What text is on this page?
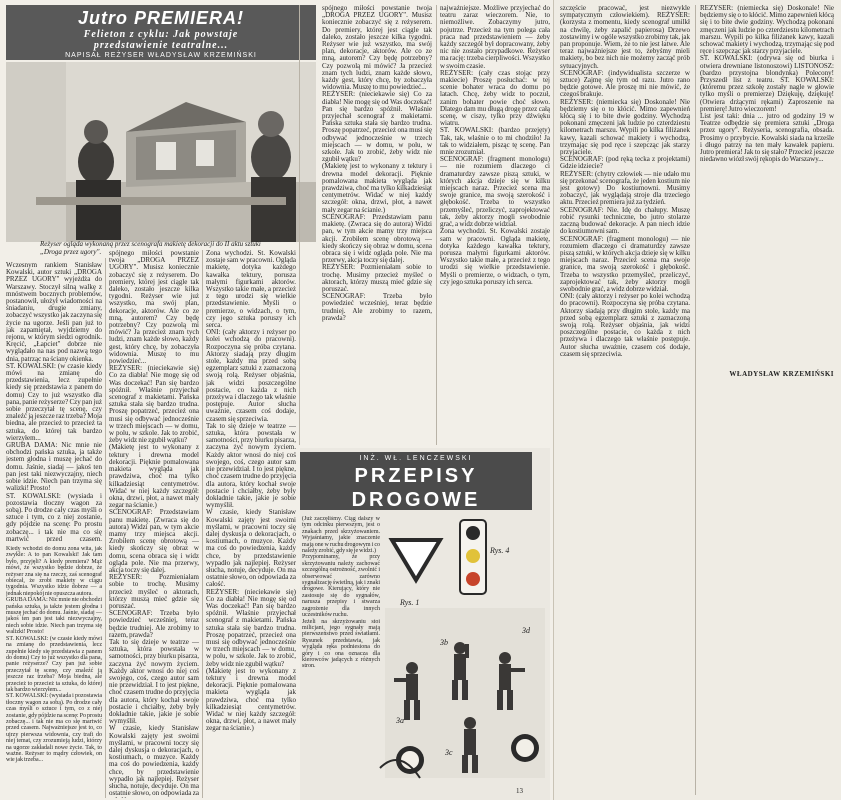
Jutro PREMIERA!
Felieton z cyklu: Jak powstaje
przedstawienie teatralne...
NAPISAŁ REŻYSER WŁADYSŁAW KRZEMIŃSKI
Reżyser ogląda wykonaną przez scenografa makietę dekoracji do II aktu sztuki „Droga przez ugory".

Wczesnym rankiem Stanisław Kowalski, autor sztuki „DROGA PRZEZ UGORY" wyjeżdża do Warszawy. Stoczył silną walkę z mnóstwem bocznych problemów, postanowił, ułożył wiadomości na śniadaniu, drugie zmiany, zobaczyć wszystko jak zaczyna się życie na ugorze. Jeśli pan już to jak zapamiętał, wyjdziemy do rejonu, w którym siedzi ogrodnik. Kręcić, „Łapciet" dobrze nie wyglądało na nas pod nazwą tego dnia, patrząc na ściany okienka.

ST. KOWALSKI: (w czasie kiedy mówi na zmianę do przedstawienia, lecz zupełnie kiedy się przedstawia z panem do domu) Czy to już wszystko dla pana, panie reżyserze? Czy pan już sobie przeczytał tę scenę, czy znaleźć ją jeszcze raz trzeba? Moja biedna, ale przecież to przecież ta sztuka, do której tak bardzo wierzyłem...

GRUBA DAMA: Nic mnie nie obchodzi pańska sztuka, ja także jestem głodna i muszę jechać do domu. Jaśnie, siadaj — jakoś ten pan jest taki niezwyczajny, niech sobie idzie. Niech pan trzyma się walizki! Prosto!

ST. KOWALSKI: (wysiada i pozostawia tłoczny wagon za sobą). Po drodze cały czas myśli o sztuce i tym, co z niej zostanie, gdy pójdzie na scenę: Po prostu zobaczę... i tak nie ma co się martwić przed czasem.

Kiedy wchodzi do domu zona wita, jak zwykle: A to pan Kowalski! Jak tam było, przyjęli? A kiedy premiera? Mąż mówi, że wszystko będzie dobrze, że reżyser zna się na rzeczy, zaś scenograf obiecał, że zrobi makiety w ciągu tygodnia. Wszystko idzie dobrze — a jednak niepokój nie opuszcza autora.

GRUBA DAMA: Nic mnie nie obchodzi pańska sztuka, ja także jestem głodna i muszę jechać do domu. Jaśnie, siadaj — jakoś ten pan jest taki niezwyczajny, niech sobie idzie. Niech pan trzyma się walizki! Prosto!

ST. KOWALSKI: (w czasie kiedy mówi na zmianę do przedstawienia, lecz zupełnie kiedy się przedstawia z panem do domu) Czy to już wszystko dla pana, panie reżyserze? Czy pan już sobie przeczytał tę scenę, czy znaleźć ją jeszcze raz trzeba? Moja biedna, ale przecież to przecież ta sztuka, do której tak bardzo wierzyłem...

ST. KOWALSKI: (wysiada i pozostawia tłoczny wagon za sobą). Po drodze cały czas myśli o sztuce i tym, co z niej zostanie, gdy pójdzie na scenę: Po prostu zobaczę... i tak nie ma co się martwić przed czasem. Najważniejsze jest to, co ujrzy pierwsza widownia, czy trafi do niej temat, czy zrozumieją ludzi, którzy na ugorze zakładali nowe życie. Tak, to ważne. Reżyser to mądry człowiek, on wie jak trzeba...

spójnego miłości powstanie twoja „DROGA PRZEZ UGORY". Musisz koniecznie zobaczyć się z reżyserem. Do premiery, której jest ciągle tak daleko, zostało jeszcze kilka tygodni. Reżyser wie już wszystko, ma swój plan, dekoracje, aktorów. Ale co ze mną, autorem? Czy będę potrzebny? Czy pozwolą mi mówić? Ja przecież znam tych ludzi, znam każde słowo, każdy gest, który chcę, by zobaczyła widownia. Muszę to mu powiedzieć...

REŻYSER: (nieciekawie się) Co za diabła! Nie mogę się od Was doczekać! Pan się bardzo spóźnił. Właśnie przyjechał scenograf z makietami. Pańska sztuka stała się bardzo trudna. Proszę popatrzeć, przecież ona musi się odbywać jednocześnie w trzech miejscach — w domu, w polu, w szkole. Jak to zrobić, żeby widz nie zgubił wątku?

(Makietę jest to wykonany z tektury i drewna model dekoracji. Pięknie pomalowana makieta wygląda jak prawdziwa, choć ma tylko kilkadziesiąt centymetrów. Widać w niej każdy szczegół: okna, drzwi, płot, a nawet mały zegar na ścianie.)

SCENOGRAF: Przedstawiam panu makietę. (Zwraca się do autora) Widzi pan, w tym akcie mamy trzy miejsca akcji. Zrobiłem scenę obrotową — kiedy skończy się obraz w domu, scena obraca się i widz ogląda pole. Nie ma przerwy, akcja toczy się dalej.

REŻYSER: Pozmieniałam sobie to trochę. Musimy przecież myśleć o aktorach, którzy muszą mieć gdzie się poruszać.

SCENOGRAF: Trzeba było powiedzieć wcześniej, teraz będzie trudniej. Ale zrobimy to razem, prawda?

Tak to się dzieje w teatrze — sztuka, która powstała w samotności, przy biurku pisarza, zaczyna żyć nowym życiem. Każdy aktor wnosi do niej coś swojego, coś, czego autor sam nie przewidział. I to jest piękne, choć czasem trudne do przyjęcia dla autora, który kochał swoje postacie i chciałby, żeby były dokładnie takie, jakie je sobie wymyślił.

W czasie, kiedy Stanisław Kowalski zajęty jest swoimi myślami, w pracowni toczy się dalej dyskusja o dekoracjach, o kostiumach, o muzyce. Każdy ma coś do powiedzenia, każdy chce, by przedstawienie wypadło jak najlepiej. Reżyser słucha, notuje, decyduje. On ma ostatnie słowo, on odpowiada za

Zona wychodzi. St. Kowalski zostaje sam w pracowni. Ogląda makietę, dotyka każdego kawałka tektury, porusza małymi figurkami aktorów. Wszystko takie małe, a przecież z tego urodzi się wielkie przedstawienie. Myśli o premierze, o widzach, o tym, czy jego sztuka poruszy ich serca.

ONI: (cały aktorzy i reżyser po kolei wchodzą do pracowni). Rozpoczyna się próba czytana. Aktorzy siadają przy długim stole, każdy ma przed sobą egzemplarz sztuki z zaznaczoną swoją rolą. Reżyser objaśnia, jak widzi poszczególne postacie, co każda z nich przeżywa i dlaczego tak właśnie postępuje. Autor słucha uważnie, czasem coś dodaje, czasem się sprzeciwia.

Tak to się dzieje w teatrze — sztuka, która powstała w samotności, przy biurku pisarza, zaczyna żyć nowym życiem. Każdy aktor wnosi do niej coś swojego, coś, czego autor sam nie przewidział. I to jest piękne, choć czasem trudne do przyjęcia dla autora, który kochał swoje postacie i chciałby, żeby były dokładnie takie, jakie je sobie wymyślił.

W czasie, kiedy Stanisław Kowalski zajęty jest swoimi myślami, w pracowni toczy się dalej dyskusja o dekoracjach, o kostiumach, o muzyce. Każdy ma coś do powiedzenia, każdy chce, by przedstawienie wypadło jak najlepiej. Reżyser słucha, notuje, decyduje. On ma ostatnie słowo, on odpowiada za całość.

REŻYSER: (nieciekawie się) Co za diabła! Nie mogę się od Was doczekać! Pan się bardzo spóźnił. Właśnie przyjechał scenograf z makietami. Pańska sztuka stała się bardzo trudna. Proszę popatrzeć, przecież ona musi się odbywać jednocześnie w trzech miejscach — w domu, w polu, w szkole. Jak to zrobić, żeby widz nie zgubił wątku?

(Makietę jest to wykonany z tektury i drewna model dekoracji. Pięknie pomalowana makieta wygląda jak prawdziwa, choć ma tylko kilkadziesiąt centymetrów. Widać w niej każdy szczegół: okna, drzwi, płot, a nawet mały zegar na ścianie.)

spójnego miłości powstanie twoja „DROGA PRZEZ UGORY". Musisz koniecznie zobaczyć się z reżyserem. Do premiery, której jest ciągle tak daleko, zostało jeszcze kilka tygodni. Reżyser wie już wszystko, ma swój plan, dekoracje, aktorów. Ale co ze mną, autorem? Czy będę potrzebny? Czy pozwolą mi mówić? Ja przecież znam tych ludzi, znam każde słowo, każdy gest, który chcę, by zobaczyła widownia. Muszę to mu powiedzieć...

REŻYSER: (nieciekawie się) Co za diabła! Nie mogę się od Was doczekać! Pan się bardzo spóźnił. Właśnie przyjechał scenograf z makietami. Pańska sztuka stała się bardzo trudna. Proszę popatrzeć, przecież ona musi się odbywać jednocześnie w trzech miejscach — w domu, w polu, w szkole. Jak to zrobić, żeby widz nie zgubił wątku?

(Makietę jest to wykonany z tektury i drewna model dekoracji. Pięknie pomalowana makieta wygląda jak prawdziwa, choć ma tylko kilkadziesiąt centymetrów. Widać w niej każdy szczegół: okna, drzwi, płot, a nawet mały zegar na ścianie.)

SCENOGRAF: Przedstawiam panu makietę. (Zwraca się do autora) Widzi pan, w tym akcie mamy trzy miejsca akcji. Zrobiłem scenę obrotową — kiedy skończy się obraz w domu, scena obraca się i widz ogląda pole. Nie ma przerwy, akcja toczy się dalej.

REŻYSER: Pozmieniałam sobie to trochę. Musimy przecież myśleć o aktorach, którzy muszą mieć gdzie się poruszać.

SCENOGRAF: Trzeba było powiedzieć wcześniej, teraz będzie trudniej. Ale zrobimy to razem, prawda?

najważniejsze. Możliwe przyjechać do teatru zaraz wieczorem. Nie, to niemożliwe. Zobaczymy jutro, pojutrze. Przecież na tym polega cała praca nad przedstawieniem — żeby każdy szczegół był dopracowany, żeby nic nie zostało przypadkowe. Reżyser ma rację: trzeba cierpliwości. Wszystko w swoim czasie.

REŻYSER: (cały czas stojąc przy makiecie) Proszę posłuchać: w tej scenie bohater wraca do domu po latach. Chcę, żeby widz to poczuł, zanim bohater powie choć słowo. Dlatego dam mu długą drogę przez całą scenę, w ciszy, tylko przy dźwięku wiatru.

ST. KOWALSKI: (bardzo przejęty) Tak, tak, właśnie o to mi chodziło! Ja tak to widziałem, pisząc tę scenę. Pan mnie zrozumiał.

SCENOGRAF: (fragment monologu) — nie rozumiem dlaczego ci dramaturdzy zawsze piszą sztuki, w których akcja dzieje się w kilku miejscach naraz. Przecież scena ma swoje granice, ma swoją szerokość i głębokość. Trzeba to wszystko przemyśleć, przeliczyć, zaprojektować tak, żeby aktorzy mogli swobodnie grać, a widz dobrze widział.

Zona wychodzi. St. Kowalski zostaje sam w pracowni. Ogląda makietę, dotyka każdego kawałka tektury, porusza małymi figurkami aktorów. Wszystko takie małe, a przecież z tego urodzi się wielkie przedstawienie. Myśli o premierze, o widzach, o tym, czy jego sztuka poruszy ich serca.

(Już zaczęliśmy. Ciąg dalszy w tym odcinku pierwszym, jest o znakach przed skrzyżowaniem. Wyjaśniamy, jakie znaczenie mają one w ruchu drogowym i co należy zrobić, gdy się je widzi.)

Przypominamy, że przy skrzyżowaniu należy zachować szczególną ostrożność, zwolnić i obserwować zarówno sygnalizację świetlną, jak i znaki drogowe. Kierujący, który nie zastosuje się do sygnałów, narusza przepisy i stwarza zagrożenie dla innych uczestników ruchu.

Jeżeli na skrzyżowaniu stoi milicjant, jego sygnały mają pierwszeństwo przed światłami. Rysunek przedstawia, jak wygląda ręka podniesiona do góry i co ona oznacza dla kierowców jadących z różnych stron.

Rys. 1
Rys. 4
3a
3b
3c
3d
INŻ. WŁ. LENCZEWSKI
PRZEPISY DROGOWE
13

szczęście pracować, jest niezwykle sympatycznym człowiekiem). REŻYSER: (korzysta z momentu, kiedy scenograf umilkł na chwilę, żeby zapalić papierosa) Drzewo zostawimy i w ogóle wszystko zrobimy tak, jak pan proponuje. Wiem, że to nie jest łatwe. Ale teraz najważniejsze jest to, żebyśmy mieli makiety, bo bez nich nie możemy zacząć prób sytuacyjnych.

SCENOGRAF: (indywidualista szczerze w sztuce) Zajmę się tym od razu. Jutro rano będzie gotowe. Ale proszę mi nie mówić, że czegoś brakuje.

REŻYSER: (niemiecka się) Doskonale! Nie będziemy się o to kłócić. Mimo zapewnień kłócą się i to bite dwie godziny. Wychodzą pokonani zmęczeni jak ludzie po czterdziestu kilometrach marszu. Wypili po kilka filiżanek kawy, kazali schować makiety i wychodzą, trzymając się pod ręce i szepcząc jak starzy przyjaciele.

SCENOGRAF: (pod ręką tecka z projektami) Gdzie idziecie?

REŻYSER: (chytry człowiek — nie udało mu się przekonać scenografa, że jeden kostium nie jest gotowy) Do kostiumowni. Musimy zobaczyć, jak wyglądają stroje dla trzeciego aktu. Przecież premiera już za tydzień.

SCENOGRAF: Nie. Idę do chałupy. Muszę robić rysunki techniczne, bo jutro stolarze zaczną budować dekoracje. A pan niech idzie do kostiumowni sam.

SCENOGRAF: (fragment monologu) — nie rozumiem dlaczego ci dramaturdzy zawsze piszą sztuki, w których akcja dzieje się w kilku miejscach naraz. Przecież scena ma swoje granice, ma swoją szerokość i głębokość. Trzeba to wszystko przemyśleć, przeliczyć, zaprojektować tak, żeby aktorzy mogli swobodnie grać, a widz dobrze widział.

ONI: (cały aktorzy i reżyser po kolei wchodzą do pracowni). Rozpoczyna się próba czytana. Aktorzy siadają przy długim stole, każdy ma przed sobą egzemplarz sztuki z zaznaczoną swoją rolą. Reżyser objaśnia, jak widzi poszczególne postacie, co każda z nich przeżywa i dlaczego tak właśnie postępuje. Autor słucha uważnie, czasem coś dodaje, czasem się sprzeciwia.

REŻYSER: (niemiecka się) Doskonale! Nie będziemy się o to kłócić. Mimo zapewnień kłócą się i to bite dwie godziny. Wychodzą pokonani zmęczeni jak ludzie po czterdziestu kilometrach marszu. Wypili po kilka filiżanek kawy, kazali schować makiety i wychodzą, trzymając się pod ręce i szepcząc jak starzy przyjaciele.

ST. KOWALSKI: (odrywa się od biurka i otwiera drewniane listonoszowi) LISTONOSZ: (bardzo przystojna blondynka) Polecony! Przyszedł list z teatru. ST. KOWALSKI: (któremu przez szkołę zostały nagle w głowie tylko myśli o premierze) Dziękuję, dziękuję! (Otwiera drżącymi rękami) Zaproszenie na premierę! Jutro wieczorem!

List jest taki: dnia ... jutro od godziny 19 w Teatrze odbędzie się premiera sztuki „Droga przez ugory". Reżyseria, scenografia, obsada. Prosimy o przybycie. Kowalski siada na krześle i długo patrzy na ten mały kawałek papieru. Jutro premiera! Jak to się stało? Przecież jeszcze niedawno wiózł swój rękopis do Warszawy...

WŁADYSŁAW KRZEMIŃSKI
